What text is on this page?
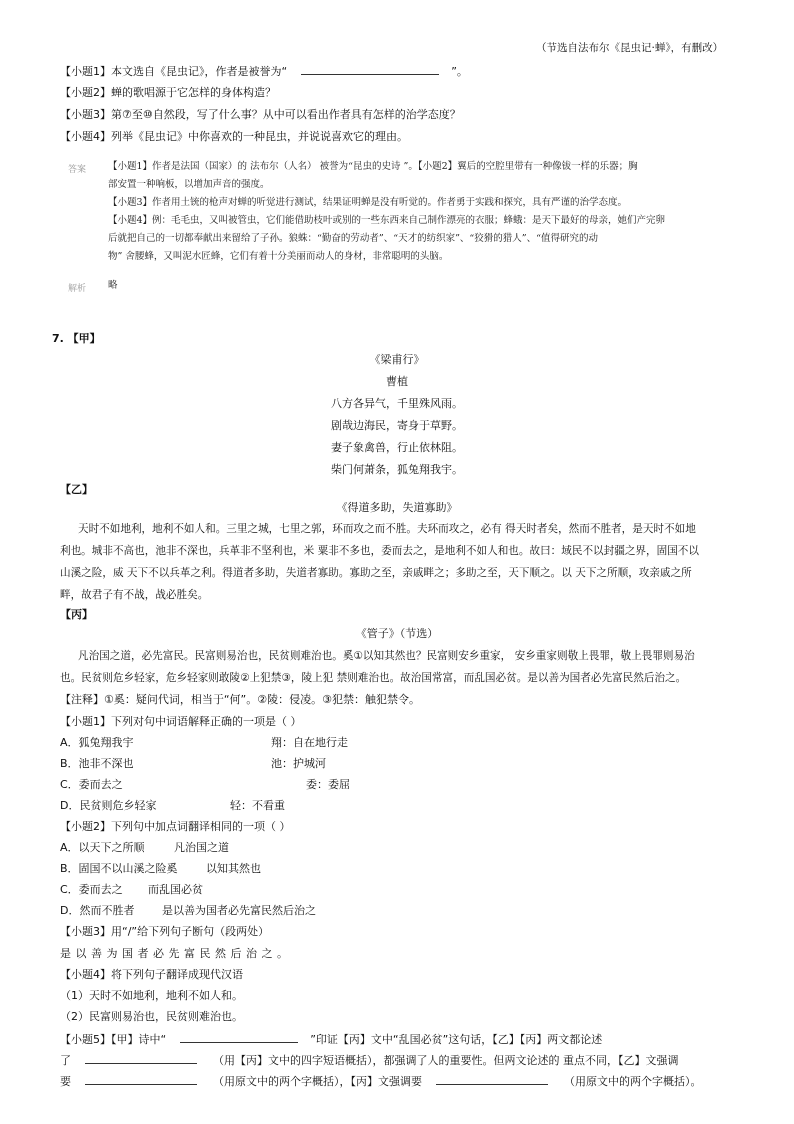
（节选自法布尔《昆虫记·蝉》，有删改）
【小题1】本文选自《昆虫记》，作者是被誉为“	”。
【小题2】蝉的歌唱源于它怎样的身体构造？
【小题3】第⑦至⑩自然段，写了什么事？从中可以看出作者具有怎样的治学态度？
【小题4】列举《昆虫记》中你喜欢的一种昆虫，并说说喜欢它的理由。
答案 【小题1】作者是法国（国家）的 法布尔（人名） 被誉为“昆虫的史诗 ”。【小题2】翼后的空腔里带有一种像钹一样的乐器；胸
部安置一种响板，以增加声音的强度。
【小题3】作者用土铳的枪声对蝉的听觉进行测试，结果证明蝉是没有听觉的。作者勇于实践和探究，具有严谨的治学态度。
【小题4】例：毛毛虫，又叫被管虫，它们能借助枝叶或别的一些东西来自己制作漂亮的衣服；蜂蛾：是天下最好的母亲，她们产完卵
后就把自己的一切都奉献出来留给了子孙。狼蛛：“勤奋的劳动者”、“天才的纺织家”、“狡猾的猎人”、“值得研究的动
物” 舍腰蜂，又叫泥水匠蜂，它们有着十分美丽而动人的身材，非常聪明的头脑。
解析 略
7. 【甲】
《梁甫行》
曹植
八方各异气，千里殊风雨。
剧哉边海民，寄身于草野。
妻子象禽兽，行止依林阻。
柴门何萧条，狐兔翔我宇。
【乙】
《得道多助，失道寡助》
天时不如地利，地利不如人和。三里之城，七里之郭，环而攻之而不胜。夫环而攻之，必有 得天时者矣，然而不胜者，是天时不如地
利也。城非不高也，池非不深也，兵革非不坚利也，米 粟非不多也，委而去之，是地利不如人和也。故曰：域民不以封疆之界，固国不以
山溪之险，威 天下不以兵革之利。得道者多助，失道者寡助。寡助之至，亲戚畔之；多助之至，天下顺之。以 天下之所顺，攻亲戚之所
畔，故君子有不战，战必胜矣。
【丙】
《管子》（节选）
凡治国之道，必先富民。民富则易治也，民贫则难治也。奚①以知其然也？民富则安乡重家， 安乡重家则敬上畏罪，敬上畏罪则易治
也。民贫则危乡轻家，危乡轻家则敢陵②上犯禁③，陵上犯 禁则难治也。故治国常富，而乱国必贫。是以善为国者必先富民然后治之。
【注释】①奚：疑问代词，相当于“何”。②陵：侵凌。③犯禁：触犯禁令。
【小题1】下列对句中词语解释正确的一项是（ ）
A．狐兔翔我宇	翔：自在地行走
B．池非不深也	池：护城河
C．委而去之	委：委屈
D．民贫则危乡轻家	轻：不看重
【小题2】下列句中加点词翻译相同的一项（ ）
A．以天下之所顺	凡治国之道
B．固国不以山溪之险奚	以知其然也
C．委而去之 而乱国必贫
D．然而不胜者	是以善为国者必先富民然后治之
【小题3】用“/”给下列句子断句（段两处）
是 以 善 为 国 者 必 先 富 民 然 后 治 之 。
【小题4】将下列句子翻译成现代汉语
（1）天时不如地利，地利不如人和。
（2）民富则易治也，民贫则难治也。
【小题5】【甲】诗中“	”印证【丙】文中“乱国必贫”这句话，【乙】【丙】两文都论述
了	（用【丙】文中的四字短语概括），都强调了人的重要性。但两文论述的 重点不同，【乙】文强调
要	（用原文中的两个字概括），【丙】文强调要	（用原文中的两个字概括）。
